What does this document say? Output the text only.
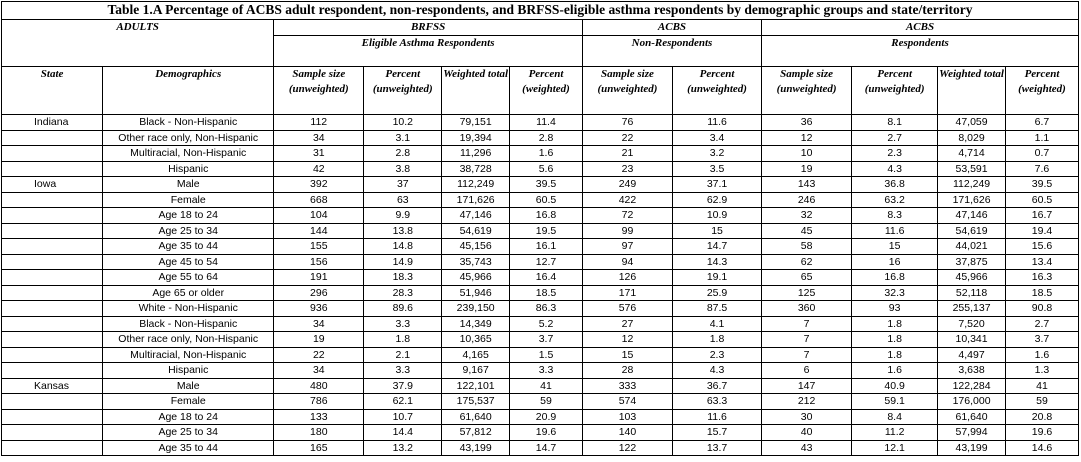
Table 1.A Percentage of ACBS adult respondent, non-respondents, and BRFSS-eligible asthma respondents by demographic groups and state/territory											
ADULTS		BRFSS				ACBS		ACBS			
		Eligible Asthma Respondents				Non-Respondents		Respondents			
State	Demographics	Sample size (unweighted)	Percent (unweighted)	Weighted total	Percent (weighted)	Sample size (unweighted)	Percent (unweighted)	Sample size (unweighted)	Percent (unweighted)	Weighted total	Percent (weighted)
Indiana	Black - Non-Hispanic	112	10.2	79,151	11.4	76	11.6	36	8.1	47,059	6.7
	Other race only, Non-Hispanic	34	3.1	19,394	2.8	22	3.4	12	2.7	8,029	1.1
	Multiracial, Non-Hispanic	31	2.8	11,296	1.6	21	3.2	10	2.3	4,714	0.7
	Hispanic	42	3.8	38,728	5.6	23	3.5	19	4.3	53,591	7.6
Iowa	Male	392	37	112,249	39.5	249	37.1	143	36.8	112,249	39.5
	Female	668	63	171,626	60.5	422	62.9	246	63.2	171,626	60.5
	Age 18 to 24	104	9.9	47,146	16.8	72	10.9	32	8.3	47,146	16.7
	Age 25 to 34	144	13.8	54,619	19.5	99	15	45	11.6	54,619	19.4
	Age 35 to 44	155	14.8	45,156	16.1	97	14.7	58	15	44,021	15.6
	Age 45 to 54	156	14.9	35,743	12.7	94	14.3	62	16	37,875	13.4
	Age 55 to 64	191	18.3	45,966	16.4	126	19.1	65	16.8	45,966	16.3
	Age 65 or older	296	28.3	51,946	18.5	171	25.9	125	32.3	52,118	18.5
	White - Non-Hispanic	936	89.6	239,150	86.3	576	87.5	360	93	255,137	90.8
	Black - Non-Hispanic	34	3.3	14,349	5.2	27	4.1	7	1.8	7,520	2.7
	Other race only, Non-Hispanic	19	1.8	10,365	3.7	12	1.8	7	1.8	10,341	3.7
	Multiracial, Non-Hispanic	22	2.1	4,165	1.5	15	2.3	7	1.8	4,497	1.6
	Hispanic	34	3.3	9,167	3.3	28	4.3	6	1.6	3,638	1.3
Kansas	Male	480	37.9	122,101	41	333	36.7	147	40.9	122,284	41
	Female	786	62.1	175,537	59	574	63.3	212	59.1	176,000	59
	Age 18 to 24	133	10.7	61,640	20.9	103	11.6	30	8.4	61,640	20.8
	Age 25 to 34	180	14.4	57,812	19.6	140	15.7	40	11.2	57,994	19.6
	Age 35 to 44	165	13.2	43,199	14.7	122	13.7	43	12.1	43,199	14.6
